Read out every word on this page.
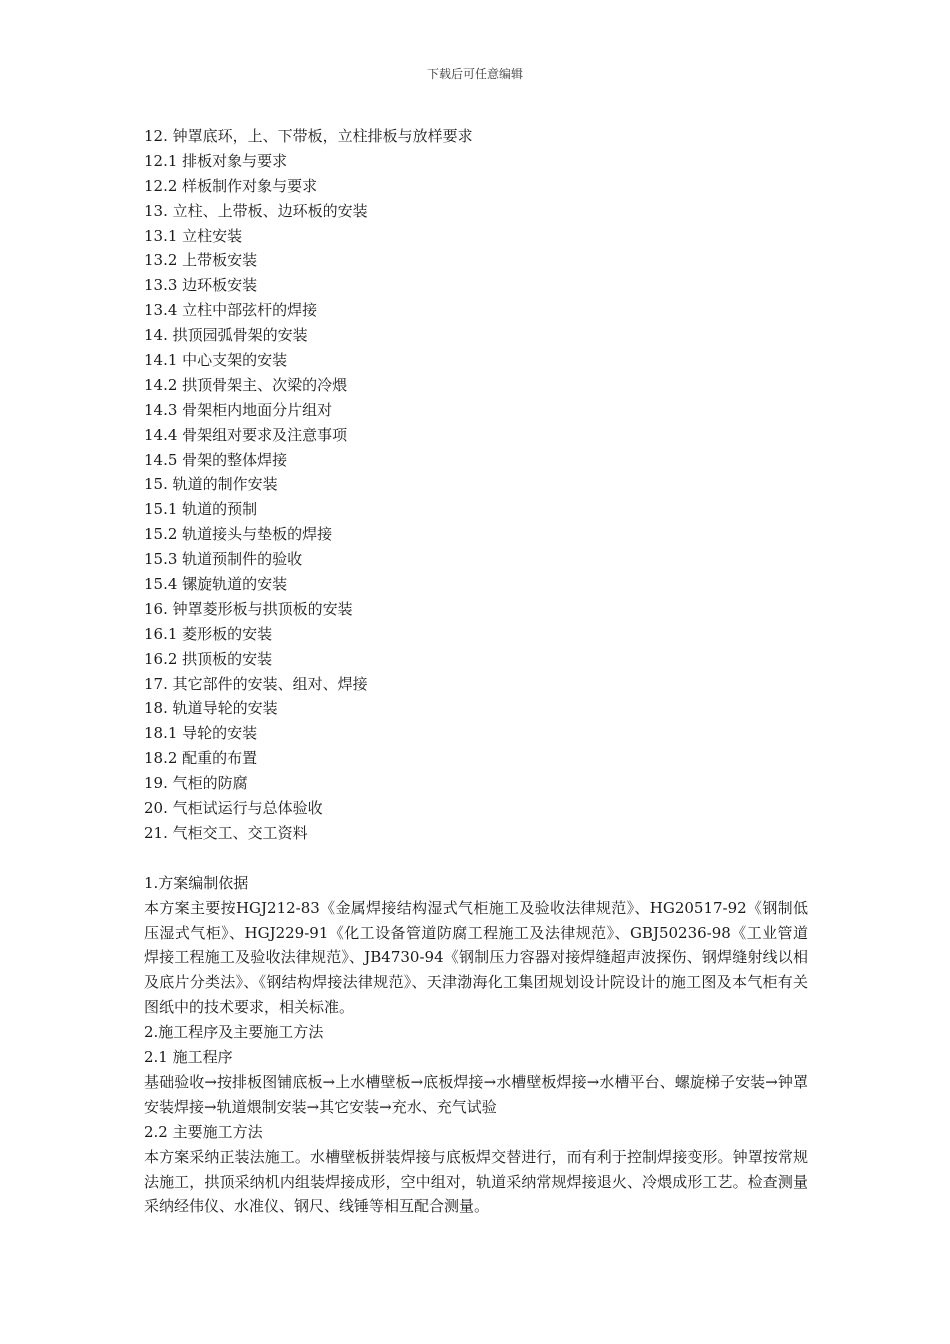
下载后可任意编辑
12. 钟罩底环，上、下带板，立柱排板与放样要求
12.1 排板对象与要求
12.2 样板制作对象与要求
13. 立柱、上带板、边环板的安装
13.1 立柱安装
13.2 上带板安装
13.3 边环板安装
13.4 立柱中部弦杆的焊接
14. 拱顶园弧骨架的安装
14.1 中心支架的安装
14.2 拱顶骨架主、次梁的冷煨
14.3 骨架柜内地面分片组对
14.4 骨架组对要求及注意事项
14.5 骨架的整体焊接
15. 轨道的制作安装
15.1 轨道的预制
15.2 轨道接头与垫板的焊接
15.3 轨道预制件的验收
15.4 镙旋轨道的安装
16. 钟罩菱形板与拱顶板的安装
16.1 菱形板的安装
16.2 拱顶板的安装
17. 其它部件的安装、组对、焊接
18. 轨道导轮的安装
18.1 导轮的安装
18.2 配重的布置
19. 气柜的防腐
20. 气柜试运行与总体验收
21. 气柜交工、交工资料
1.方案编制依据

本方案主要按HGJ212-83《金属焊接结构湿式气柜施工及验收法律规范》、HG20517-92《钢制低压湿式气柜》、HGJ229-91《化工设备管道防腐工程施工及法律规范》、GBJ50236-98《工业管道焊接工程施工及验收法律规范》、JB4730-94《钢制压力容器对接焊缝超声波探伤、钢焊缝射线以相及底片分类法》、《钢结构焊接法律规范》、天津渤海化工集团规划设计院设计的施工图及本气柜有关图纸中的技术要求，相关标准。

2.施工程序及主要施工方法
2.1 施工程序

基础验收→按排板图铺底板→上水槽壁板→底板焊接→水槽壁板焊接→水槽平台、螺旋梯子安装→钟罩安装焊接→轨道煨制安装→其它安装→充水、充气试验

2.2 主要施工方法

本方案采纳正装法施工。水槽壁板拼装焊接与底板焊交替进行，而有利于控制焊接变形。钟罩按常规法施工，拱顶采纳机内组装焊接成形，空中组对，轨道采纳常规焊接退火、冷煨成形工艺。检查测量采纳经伟仪、水准仪、钢尺、线锤等相互配合测量。
